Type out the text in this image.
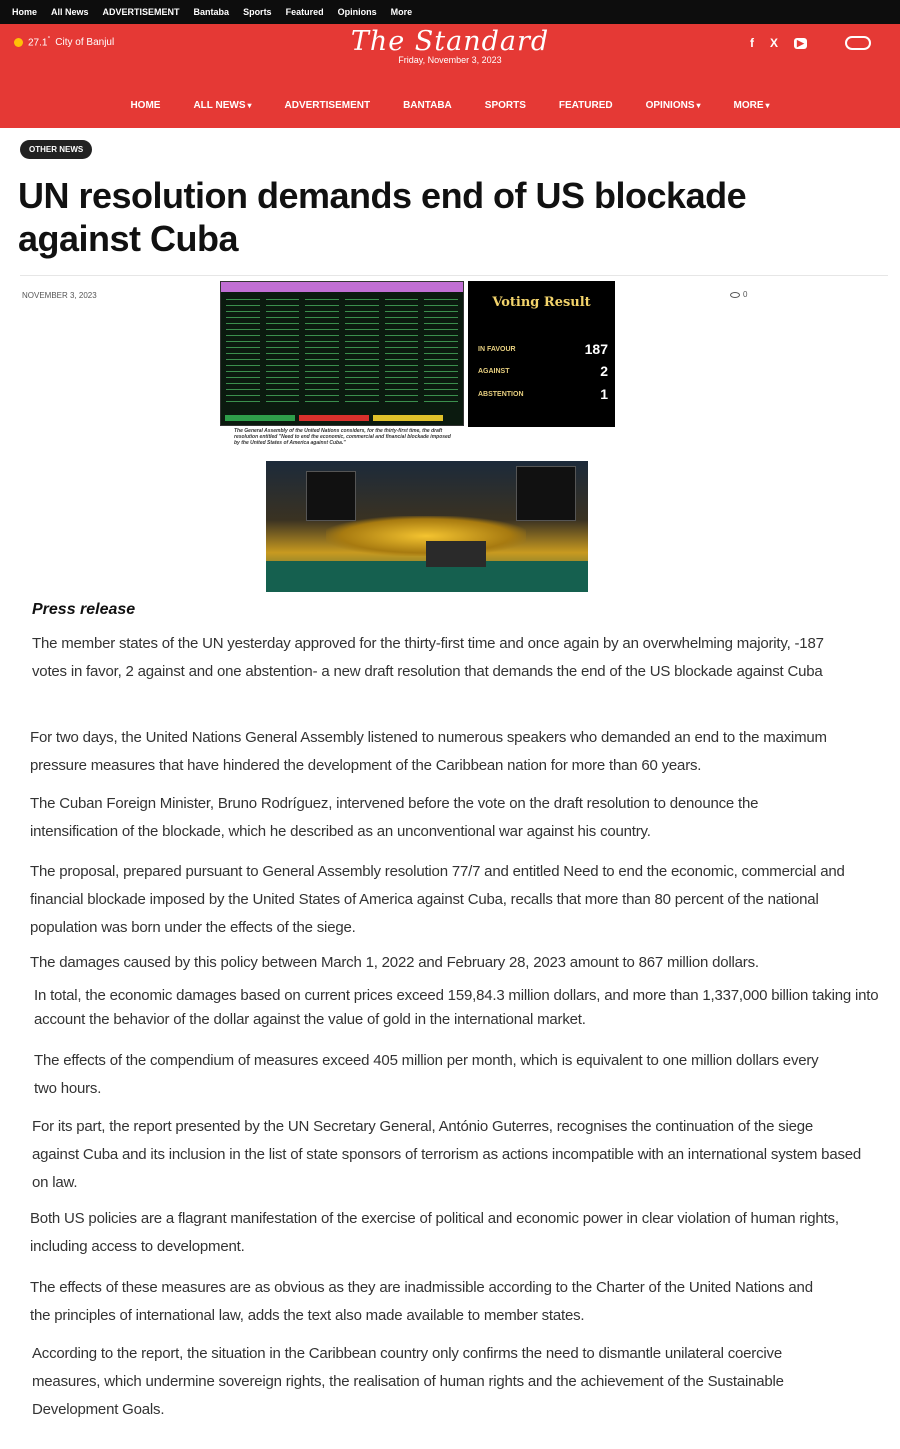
Home All News ADVERTISEMENT Bantaba Sports Featured Opinions More
27.1° City of Banjul	The Standard
Friday, November 3, 2023
f X	▶
HOME	ALL NEWS ▾	ADVERTISEMENT	BANTABA	SPORTS	FEATURED	OPINIONS ▾	MORE ▾
OTHER NEWS
UN resolution demands end of US blockade against Cuba
NOVEMBER 3, 2023	0
Voting Result
IN FAVOUR	187
AGAINST	2
ABSTENTION	1
The General Assembly of the United Nations considers, for the thirty-first time, the draft resolution entitled "Need to end the economic, commercial and financial blockade imposed by the United States of America against Cuba."
Press release

The member states of the UN yesterday approved for the thirty-first time and once again by an overwhelming majority, -187 votes in favor, 2 against and one abstention- a new draft resolution that demands the end of the US blockade against Cuba

For two days, the United Nations General Assembly listened to numerous speakers who demanded an end to the maximum pressure measures that have hindered the development of the Caribbean nation for more than 60 years.

The Cuban Foreign Minister, Bruno Rodríguez, intervened before the vote on the draft resolution to denounce the intensification of the blockade, which he described as an unconventional war against his country.

The proposal, prepared pursuant to General Assembly resolution 77/7 and entitled Need to end the economic, commercial and financial blockade imposed by the United States of America against Cuba, recalls that more than 80 percent of the national population was born under the effects of the siege.

The damages caused by this policy between March 1, 2022 and February 28, 2023 amount to 867 million dollars.

In total, the economic damages based on current prices exceed 159,84.3 million dollars, and more than 1,337,000 billion taking into account the behavior of the dollar against the value of gold in the international market.

The effects of the compendium of measures exceed 405 million per month, which is equivalent to one million dollars every two hours.

For its part, the report presented by the UN Secretary General, António Guterres, recognises the continuation of the siege against Cuba and its inclusion in the list of state sponsors of terrorism as actions incompatible with an international system based on law.

Both US policies are a flagrant manifestation of the exercise of political and economic power in clear violation of human rights, including access to development.

The effects of these measures are as obvious as they are inadmissible according to the Charter of the United Nations and the principles of international law, adds the text also made available to member states.

According to the report, the situation in the Caribbean country only confirms the need to dismantle unilateral coercive measures, which undermine sovereign rights, the realisation of human rights and the achievement of the Sustainable Development Goals.
